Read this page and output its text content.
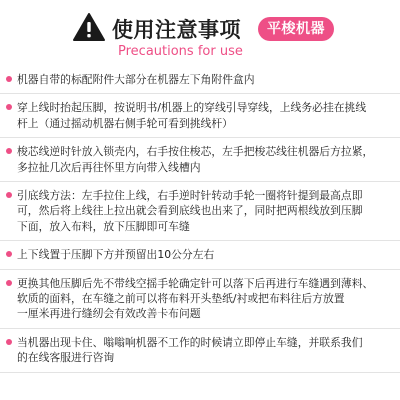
使用注意事项	平梭机器
Precautions for use
机器自带的标配附件大部分在机器左下角附件盒内
穿上线时抬起压脚，按说明书/机器上的穿线引导穿线，上线务必挂在挑线
杆上（通过摇动机器右侧手轮可看到挑线杆）
梭芯线逆时针放入锁壳内，右手按住梭芯，左手把梭芯线往机器后方拉紧，
多拉扯几次后再往怀里方向带入线槽内
引底线方法：左手拉住上线，右手逆时针转动手轮一圈将针提到最高点即
可，然后将上线往上拉出就会看到底线也出来了，同时把两根线放到压脚
下面，放入布料，放下压脚即可车缝
上下线置于压脚下方并预留出10公分左右
更换其他压脚后先不带线空摇手轮确定针可以落下后再进行车缝遇到薄料、
软质的面料，在车缝之前可以将布料开头垫纸/衬或把布料往后方放置
一厘米再进行缝纫会有效改善卡布问题
当机器出现卡住、嗡嗡响机器不工作的时候请立即停止车缝，并联系我们
的在线客服进行咨询
